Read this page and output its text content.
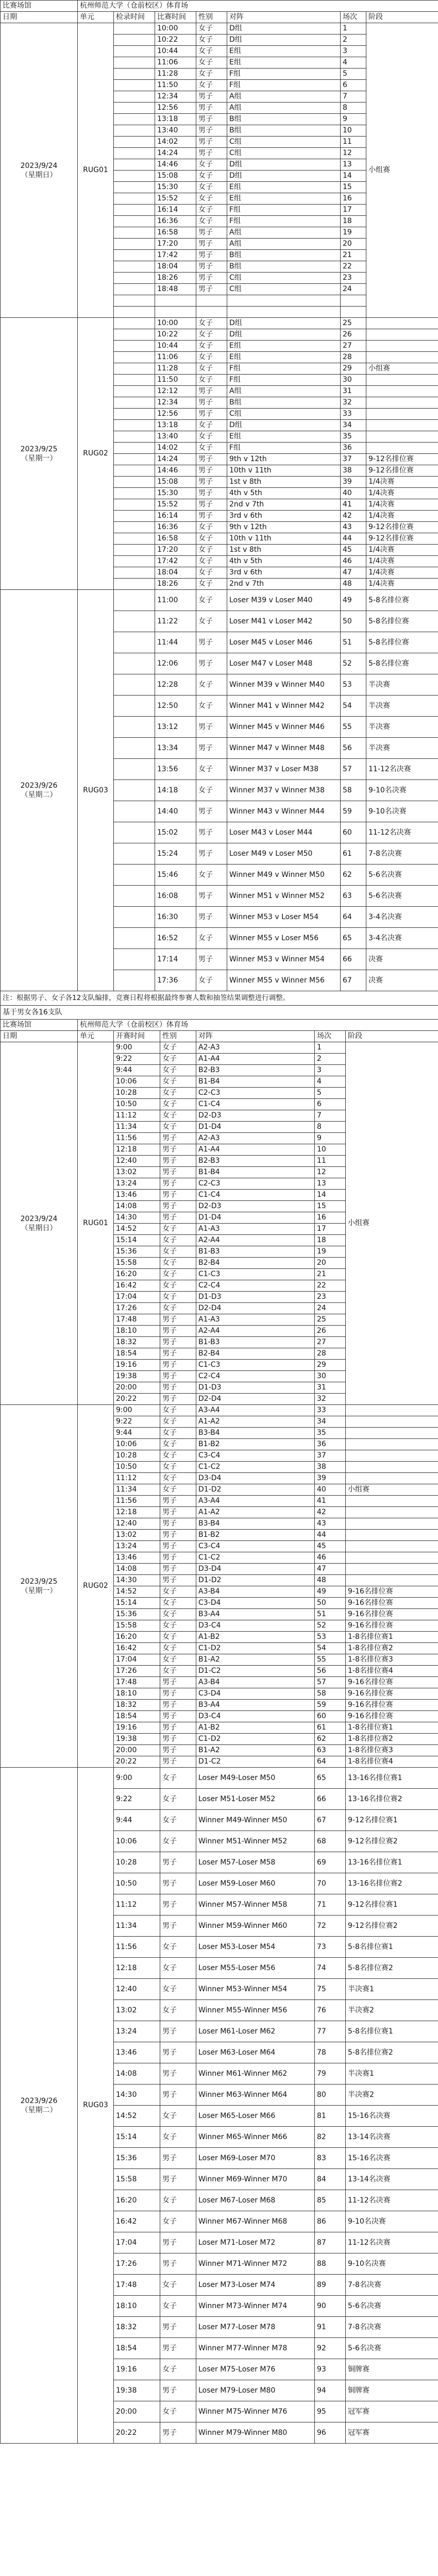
比赛场馆	杭州师范大学（仓前校区）体育场						
日期	单元	检录时间	比赛时间	性别	对阵	场次	阶段
2023/9/24
（星期日）	RUG01		10:00	女子	D组	1	小组赛
			10:22	女子	D组	2	
			10:44	女子	E组	3	
			11:06	女子	E组	4	
			11:28	女子	F组	5	
			11:50	女子	F组	6	
			12:34	男子	A组	7	
			12:56	男子	A组	8	
			13:18	男子	B组	9	
			13:40	男子	B组	10	
			14:02	男子	C组	11	
			14:24	男子	C组	12	
			14:46	女子	D组	13	
			15:08	女子	D组	14	
			15:30	女子	E组	15	
			15:52	女子	E组	16	
			16:14	女子	F组	17	
			16:36	女子	F组	18	
			16:58	男子	A组	19	
			17:20	男子	A组	20	
			17:42	男子	B组	21	
			18:04	男子	B组	22	
			18:26	男子	C组	23	
			18:48	男子	C组	24	

2023/9/25
（星期一）	RUG02		10:00	女子	D组	25	
			10:22	女子	D组	26	
			10:44	女子	E组	27	
			11:06	女子	E组	28	
			11:28	女子	F组	29	小组赛
			11:50	女子	F组	30	
			12:12	男子	A组	31	
			12:34	男子	B组	32	
			12:56	男子	C组	33	
			13:18	女子	D组	34	
			13:40	女子	E组	35	
			14:02	女子	F组	36	
			14:24	男子	9th v 12th	37	9-12名排位赛
			14:46	男子	10th v 11th	38	9-12名排位赛
			15:08	男子	1st v 8th	39	1/4决赛
			15:30	男子	4th v 5th	40	1/4决赛
			15:52	男子	2nd v 7th	41	1/4决赛
			16:14	男子	3rd v 6th	42	1/4决赛
			16:36	女子	9th v 12th	43	9-12名排位赛
			16:58	女子	10th v 11th	44	9-12名排位赛
			17:20	女子	1st v 8th	45	1/4决赛
			17:42	女子	4th v 5th	46	1/4决赛
			18:04	女子	3rd v 6th	47	1/4决赛
			18:26	女子	2nd v 7th	48	1/4决赛
2023/9/26
（星期二）	RUG03		11:00	女子	Loser M39 v Loser M40	49	5-8名排位赛
			11:22	女子	Loser M41 v Loser M42	50	5-8名排位赛
			11:44	男子	Loser M45 v Loser M46	51	5-8名排位赛
			12:06	男子	Loser M47 v Loser M48	52	5-8名排位赛
			12:28	女子	Winner M39 v Winner M40	53	半决赛
			12:50	女子	Winner M41 v Winner M42	54	半决赛
			13:12	男子	Winner M45 v Winner M46	55	半决赛
			13:34	男子	Winner M47 v Winner M48	56	半决赛
			13:56	女子	Winner M37 v Loser M38	57	11-12名决赛
			14:18	女子	Winner M37 v Winner M38	58	9-10名决赛
			14:40	男子	Winner M43 v Winner M44	59	9-10名决赛
			15:02	男子	Loser M43 v Loser M44	60	11-12名决赛
			15:24	男子	Loser M49 v Loser M50	61	7-8名决赛
			15:46	女子	Winner M49 v Winner M50	62	5-6名决赛
			16:08	男子	Winner M51 v Winner M52	63	5-6名决赛
			16:30	男子	Winner M53 v Loser M54	64	3-4名决赛
			16:52	女子	Winner M55 v Loser M56	65	3-4名决赛
			17:14	男子	Winner M53 v Winner M54	66	决赛
			17:36	女子	Winner M55 v Winner M56	67	决赛
注：根据男子、女子各12支队编排，竞赛日程将根据最终参赛人数和抽签结果调整进行调整。
基于男女各16支队
比赛场馆	杭州师范大学（仓前校区）体育场					
日期	单元	开赛时间	性别	对阵	场次	阶段
2023/9/24
（星期日）	RUG01	9:00	女子	A2-A3	1	小组赛
		9:22	女子	A1-A4	2	
		9:44	女子	B2-B3	3	
		10:06	女子	B1-B4	4	
		10:28	女子	C2-C3	5	
		10:50	女子	C1-C4	6	
		11:12	女子	D2-D3	7	
		11:34	女子	D1-D4	8	
		11:56	男子	A2-A3	9	
		12:18	男子	A1-A4	10	
		12:40	男子	B2-B3	11	
		13:02	男子	B1-B4	12	
		13:24	男子	C2-C3	13	
		13:46	男子	C1-C4	14	
		14:08	男子	D2-D3	15	
		14:30	男子	D1-D4	16	
		14:52	女子	A1-A3	17	
		15:14	女子	A2-A4	18	
		15:36	女子	B1-B3	19	
		15:58	女子	B2-B4	20	
		16:20	女子	C1-C3	21	
		16:42	女子	C2-C4	22	
		17:04	女子	D1-D3	23	
		17:26	女子	D2-D4	24	
		17:48	男子	A1-A3	25	
		18:10	男子	A2-A4	26	
		18:32	男子	B1-B3	27	
		18:54	男子	B2-B4	28	
		19:16	男子	C1-C3	29	
		19:38	男子	C2-C4	30	
		20:00	男子	D1-D3	31	
		20:22	男子	D2-D4	32	
2023/9/25
（星期一）	RUG02	9:00	女子	A3-A4	33	
		9:22	女子	A1-A2	34	
		9:44	女子	B3-B4	35	
		10:06	女子	B1-B2	36	
		10:28	女子	C3-C4	37	
		10:50	女子	C1-C2	38	
		11:12	女子	D3-D4	39	
		11:34	女子	D1-D2	40	小组赛
		11:56	男子	A3-A4	41	
		12:18	男子	A1-A2	42	
		12:40	男子	B3-B4	43	
		13:02	男子	B1-B2	44	
		13:24	男子	C3-C4	45	
		13:46	男子	C1-C2	46	
		14:08	男子	D3-D4	47	
		14:30	男子	D1-D2	48	
		14:52	女子	A3-B4	49	9-16名排位赛
		15:14	女子	C3-D4	50	9-16名排位赛
		15:36	女子	B3-A4	51	9-16名排位赛
		15:58	女子	D3-C4	52	9-16名排位赛
		16:20	女子	A1-B2	53	1-8名排位赛1
		16:42	女子	C1-D2	54	1-8名排位赛2
		17:04	女子	B1-A2	55	1-8名排位赛3
		17:26	女子	D1-C2	56	1-8名排位赛4
		17:48	男子	A3-B4	57	9-16名排位赛
		18:10	男子	C3-D4	58	9-16名排位赛
		18:32	男子	B3-A4	59	9-16名排位赛
		18:54	男子	D3-C4	60	9-16名排位赛
		19:16	男子	A1-B2	61	1-8名排位赛1
		19:38	男子	C1-D2	62	1-8名排位赛2
		20:00	男子	B1-A2	63	1-8名排位赛3
		20:22	男子	D1-C2	64	1-8名排位赛4
2023/9/26
（星期二）	RUG03	9:00	女子	Loser M49-Loser M50	65	13-16名排位赛1
		9:22	女子	Loser M51-Loser M52	66	13-16名排位赛2
		9:44	女子	Winner M49-Winner M50	67	9-12名排位赛1
		10:06	女子	Winner M51-Winner M52	68	9-12名排位赛2
		10:28	男子	Loser M57-Loser M58	69	13-16名排位赛1
		10:50	男子	Loser M59-Loser M60	70	13-16名排位赛2
		11:12	男子	Winner M57-Winner M58	71	9-12名排位赛1
		11:34	男子	Winner M59-Winner M60	72	9-12名排位赛2
		11:56	女子	Loser M53-Loser M54	73	5-8名排位赛1
		12:18	女子	Loser M55-Loser M56	74	5-8名排位赛2
		12:40	女子	Winner M53-Winner M54	75	半决赛1
		13:02	女子	Winner M55-Winner M56	76	半决赛2
		13:24	男子	Loser M61-Loser M62	77	5-8名排位赛1
		13:46	男子	Loser M63-Loser M64	78	5-8名排位赛2
		14:08	男子	Winner M61-Winner M62	79	半决赛1
		14:30	男子	Winner M63-Winner M64	80	半决赛2
		14:52	女子	Loser M65-Loser M66	81	15-16名决赛
		15:14	女子	Winner M65-Winner M66	82	13-14名决赛
		15:36	男子	Loser M69-Loser M70	83	15-16名决赛
		15:58	男子	Winner M69-Winner M70	84	13-14名决赛
		16:20	女子	Loser M67-Loser M68	85	11-12名决赛
		16:42	女子	Winner M67-Winner M68	86	9-10名决赛
		17:04	男子	Loser M71-Loser M72	87	11-12名决赛
		17:26	男子	Winner M71-Winner M72	88	9-10名决赛
		17:48	女子	Loser M73-Loser M74	89	7-8名决赛
		18:10	女子	Winner M73-Winner M74	90	5-6名决赛
		18:32	男子	Loser M77-Loser M78	91	7-8名决赛
		18:54	男子	Winner M77-Winner M78	92	5-6名决赛
		19:16	女子	Loser M75-Loser M76	93	铜牌赛
		19:38	男子	Loser M79-Loser M80	94	铜牌赛
		20:00	女子	Winner M75-Winner M76	95	冠军赛
		20:22	男子	Winner M79-Winner M80	96	冠军赛
